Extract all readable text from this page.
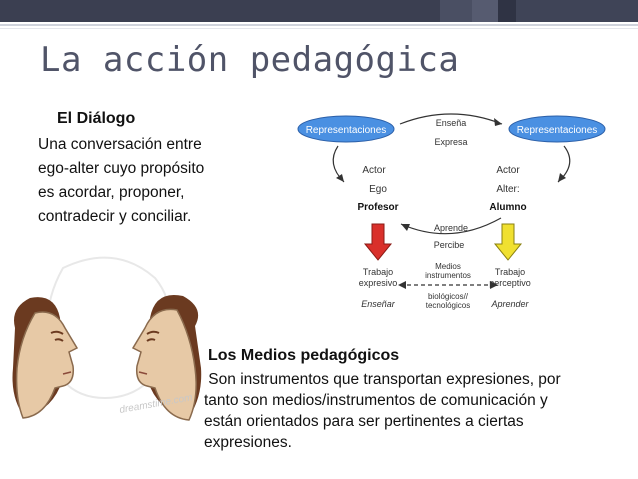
La acción pedagógica
El Diálogo
Una conversación entre
ego-alter cuyo propósito
es acordar, proponer,
contradecir y conciliar.
dreamstime.com
Representaciones	Representaciones
Enseña
Expresa
Actor
Ego
Profesor
Actor
Alter:
Alumno
Aprende
Percibe
Medios
instrumentos
biológicos//
tecnológicos
Trabajo
expresivo
Enseñar
Trabajo
perceptivo
Aprender
Los Medios pedagógicos
Son instrumentos que transportan expresiones, por
tanto son medios/instrumentos de comunicación y
están orientados para ser pertinentes a ciertas
expresiones.
